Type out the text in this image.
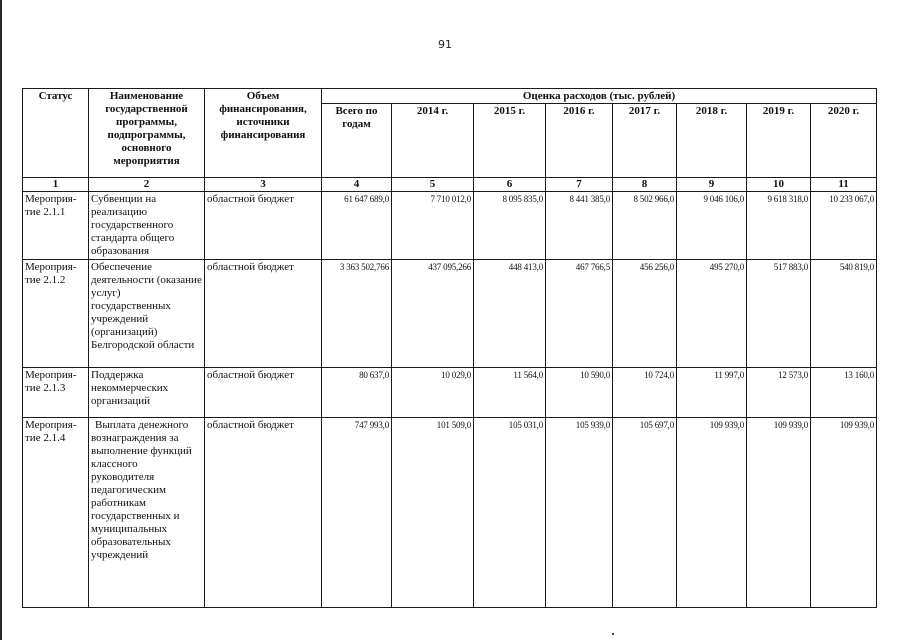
91
Статус	Наименование государственной программы, подпрограммы, основного мероприятия	Объем финансирования, источники финансирования	Оценка расходов (тыс. рублей)							
			Всего по годам	2014 г.	2015 г.	2016 г.	2017 г.	2018 г.	2019 г.	2020 г.
1	2	3	4	5	6	7	8	9	10	11
Мероприя-тие 2.1.1	Субвенции на реализацию государственного стандарта общего образования	областной бюджет	61 647 689,0	7 710 012,0	8 095 835,0	8 441 385,0	8 502 966,0	9 046 106,0	9 618 318,0	10 233 067,0
Мероприя-тие 2.1.2	Обеспечение деятельности (оказание услуг) государственных учреждений (организаций) Белгородской области	областной бюджет	3 363 502,766	437 095,266	448 413,0	467 766,5	456 256,0	495 270,0	517 883,0	540 819,0
Мероприя-тие 2.1.3	Поддержка некоммерческих организаций	областной бюджет	80 637,0	10 029,0	11 564,0	10 590,0	10 724,0	11 997,0	12 573,0	13 160,0
Мероприя-тие 2.1.4	Выплата денежного вознаграждения за выполнение функций классного руководителя педагогическим работникам государственных и муниципальных образовательных учреждений	областной бюджет	747 993,0	101 509,0	105 031,0	105 939,0	105 697,0	109 939,0	109 939,0	109 939,0
